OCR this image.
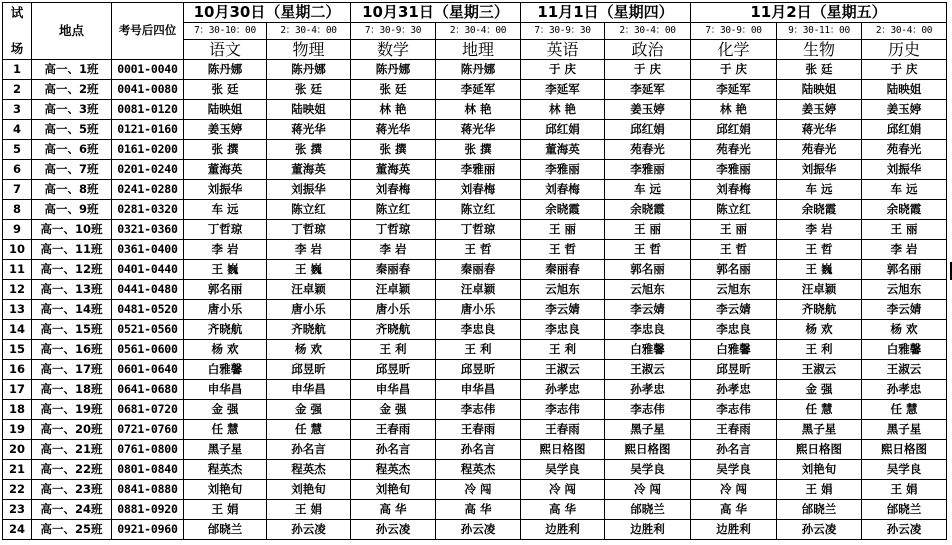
试

场	地点	考号后四位	10月30日（星期二）		10月31日（星期三）		11月1日（星期四）		11月2日（星期五）		
			7：30-10：00	2：30-4：00	7：30-9：30	2：30-4：00	7：30-9：30	2：30-4：00	7：30-9：00	9：30-11：00	2：30-4：00
			语文	物理	数学	地理	英语	政治	化学	生物	历史
1	高一、1班	0001-0040	陈丹娜	陈丹娜	陈丹娜	陈丹娜	于 庆	于 庆	于 庆	张 廷	于 庆
2	高一、2班	0041-0080	张 廷	张 廷	张 廷	李延军	李延军	李延军	李延军	陆映姐	陆映姐
3	高一、3班	0081-0120	陆映姐	陆映姐	林 艳	林 艳	林 艳	姜玉婷	林 艳	姜玉婷	姜玉婷
4	高一、5班	0121-0160	姜玉婷	蒋光华	蒋光华	蒋光华	邱红娟	邱红娟	邱红娟	蒋光华	邱红娟
5	高一、6班	0161-0200	张 撰	张 撰	张 撰	张 撰	董海英	苑春光	苑春光	苑春光	苑春光
6	高一、7班	0201-0240	董海英	董海英	董海英	李雅丽	李雅丽	李雅丽	李雅丽	刘振华	刘振华
7	高一、8班	0241-0280	刘振华	刘振华	刘春梅	刘春梅	刘春梅	车 远	刘春梅	车 远	车 远
8	高一、9班	0281-0320	车 远	陈立红	陈立红	陈立红	余晓霞	余晓霞	陈立红	余晓霞	余晓霞
9	高一、10班	0321-0360	丁哲琼	丁哲琼	丁哲琼	丁哲琼	王 丽	王 丽	王 丽	李 岩	王 丽
10	高一、11班	0361-0400	李 岩	李 岩	李 岩	王 哲	王 哲	王 哲	王 哲	王 哲	李 岩
11	高一、12班	0401-0440	王 巍	王 巍	秦丽春	秦丽春	秦丽春	郭名丽	郭名丽	王 巍	郭名丽
12	高一、13班	0441-0480	郭名丽	汪卓颖	汪卓颖	汪卓颖	云旭东	云旭东	云旭东	汪卓颖	云旭东
13	高一、14班	0481-0520	唐小乐	唐小乐	唐小乐	唐小乐	李云婧	李云婧	李云婧	齐晓航	李云婧
14	高一、15班	0521-0560	齐晓航	齐晓航	齐晓航	李忠良	李忠良	李忠良	李忠良	杨 欢	杨 欢
15	高一、16班	0561-0600	杨 欢	杨 欢	王 利	王 利	王 利	白雅馨	白雅馨	王 利	白雅馨
16	高一、17班	0601-0640	白雅馨	邱昱昕	邱昱昕	邱昱昕	王淑云	王淑云	邱昱昕	王淑云	王淑云
17	高一、18班	0641-0680	申华昌	申华昌	申华昌	申华昌	孙孝忠	孙孝忠	孙孝忠	金 强	孙孝忠
18	高一、19班	0681-0720	金 强	金 强	金 强	李志伟	李志伟	李志伟	李志伟	任 慧	任 慧
19	高一、20班	0721-0760	任 慧	任 慧	王春雨	王春雨	王春雨	黑子星	王春雨	黑子星	黑子星
20	高一、21班	0761-0800	黑子星	孙名言	孙名言	孙名言	熙日格图	熙日格图	孙名言	熙日格图	熙日格图
21	高一、22班	0801-0840	程英杰	程英杰	程英杰	程英杰	吴学良	吴学良	吴学良	刘艳旬	吴学良
22	高一、23班	0841-0880	刘艳旬	刘艳旬	刘艳旬	冷 闯	冷 闯	冷 闯	冷 闯	王 娟	王 娟
23	高一、24班	0881-0920	王 娟	王 娟	高 华	高 华	高 华	邰晓兰	高 华	邰晓兰	邰晓兰
24	高一、25班	0921-0960	邰晓兰	孙云凌	孙云凌	孙云凌	边胜利	边胜利	边胜利	孙云凌	孙云凌
